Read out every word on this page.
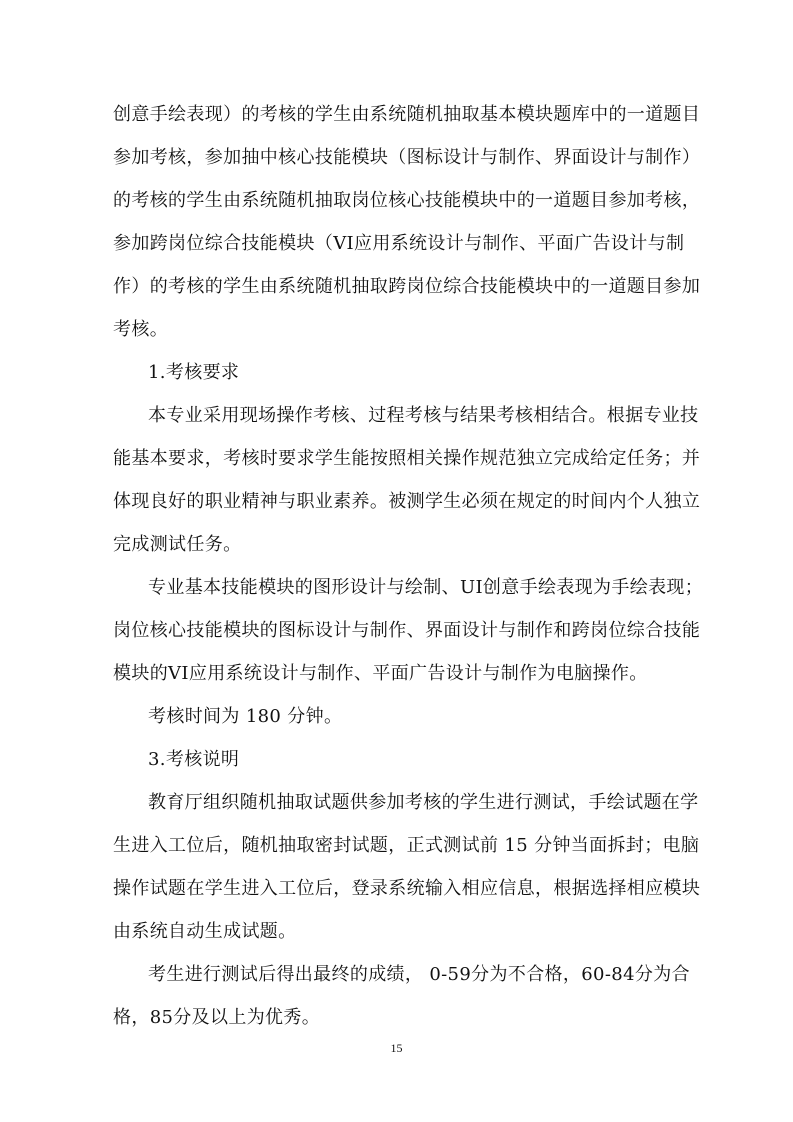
创意手绘表现）的考核的学生由系统随机抽取基本模块题库中的一道题目
参加考核，参加抽中核心技能模块（图标设计与制作、界面设计与制作）
的考核的学生由系统随机抽取岗位核心技能模块中的一道题目参加考核，
参加跨岗位综合技能模块（VI应用系统设计与制作、平面广告设计与制
作）的考核的学生由系统随机抽取跨岗位综合技能模块中的一道题目参加
考核。
1.考核要求
本专业采用现场操作考核、过程考核与结果考核相结合。根据专业技
能基本要求，考核时要求学生能按照相关操作规范独立完成给定任务；并
体现良好的职业精神与职业素养。被测学生必须在规定的时间内个人独立
完成测试任务。
专业基本技能模块的图形设计与绘制、UI创意手绘表现为手绘表现；
岗位核心技能模块的图标设计与制作、界面设计与制作和跨岗位综合技能
模块的VI应用系统设计与制作、平面广告设计与制作为电脑操作。
考核时间为 180 分钟。
3.考核说明
教育厅组织随机抽取试题供参加考核的学生进行测试，手绘试题在学
生进入工位后，随机抽取密封试题，正式测试前 15 分钟当面拆封；电脑
操作试题在学生进入工位后，登录系统输入相应信息，根据选择相应模块
由系统自动生成试题。
考生进行测试后得出最终的成绩， 0-59分为不合格，60-84分为合
格，85分及以上为优秀。
15
